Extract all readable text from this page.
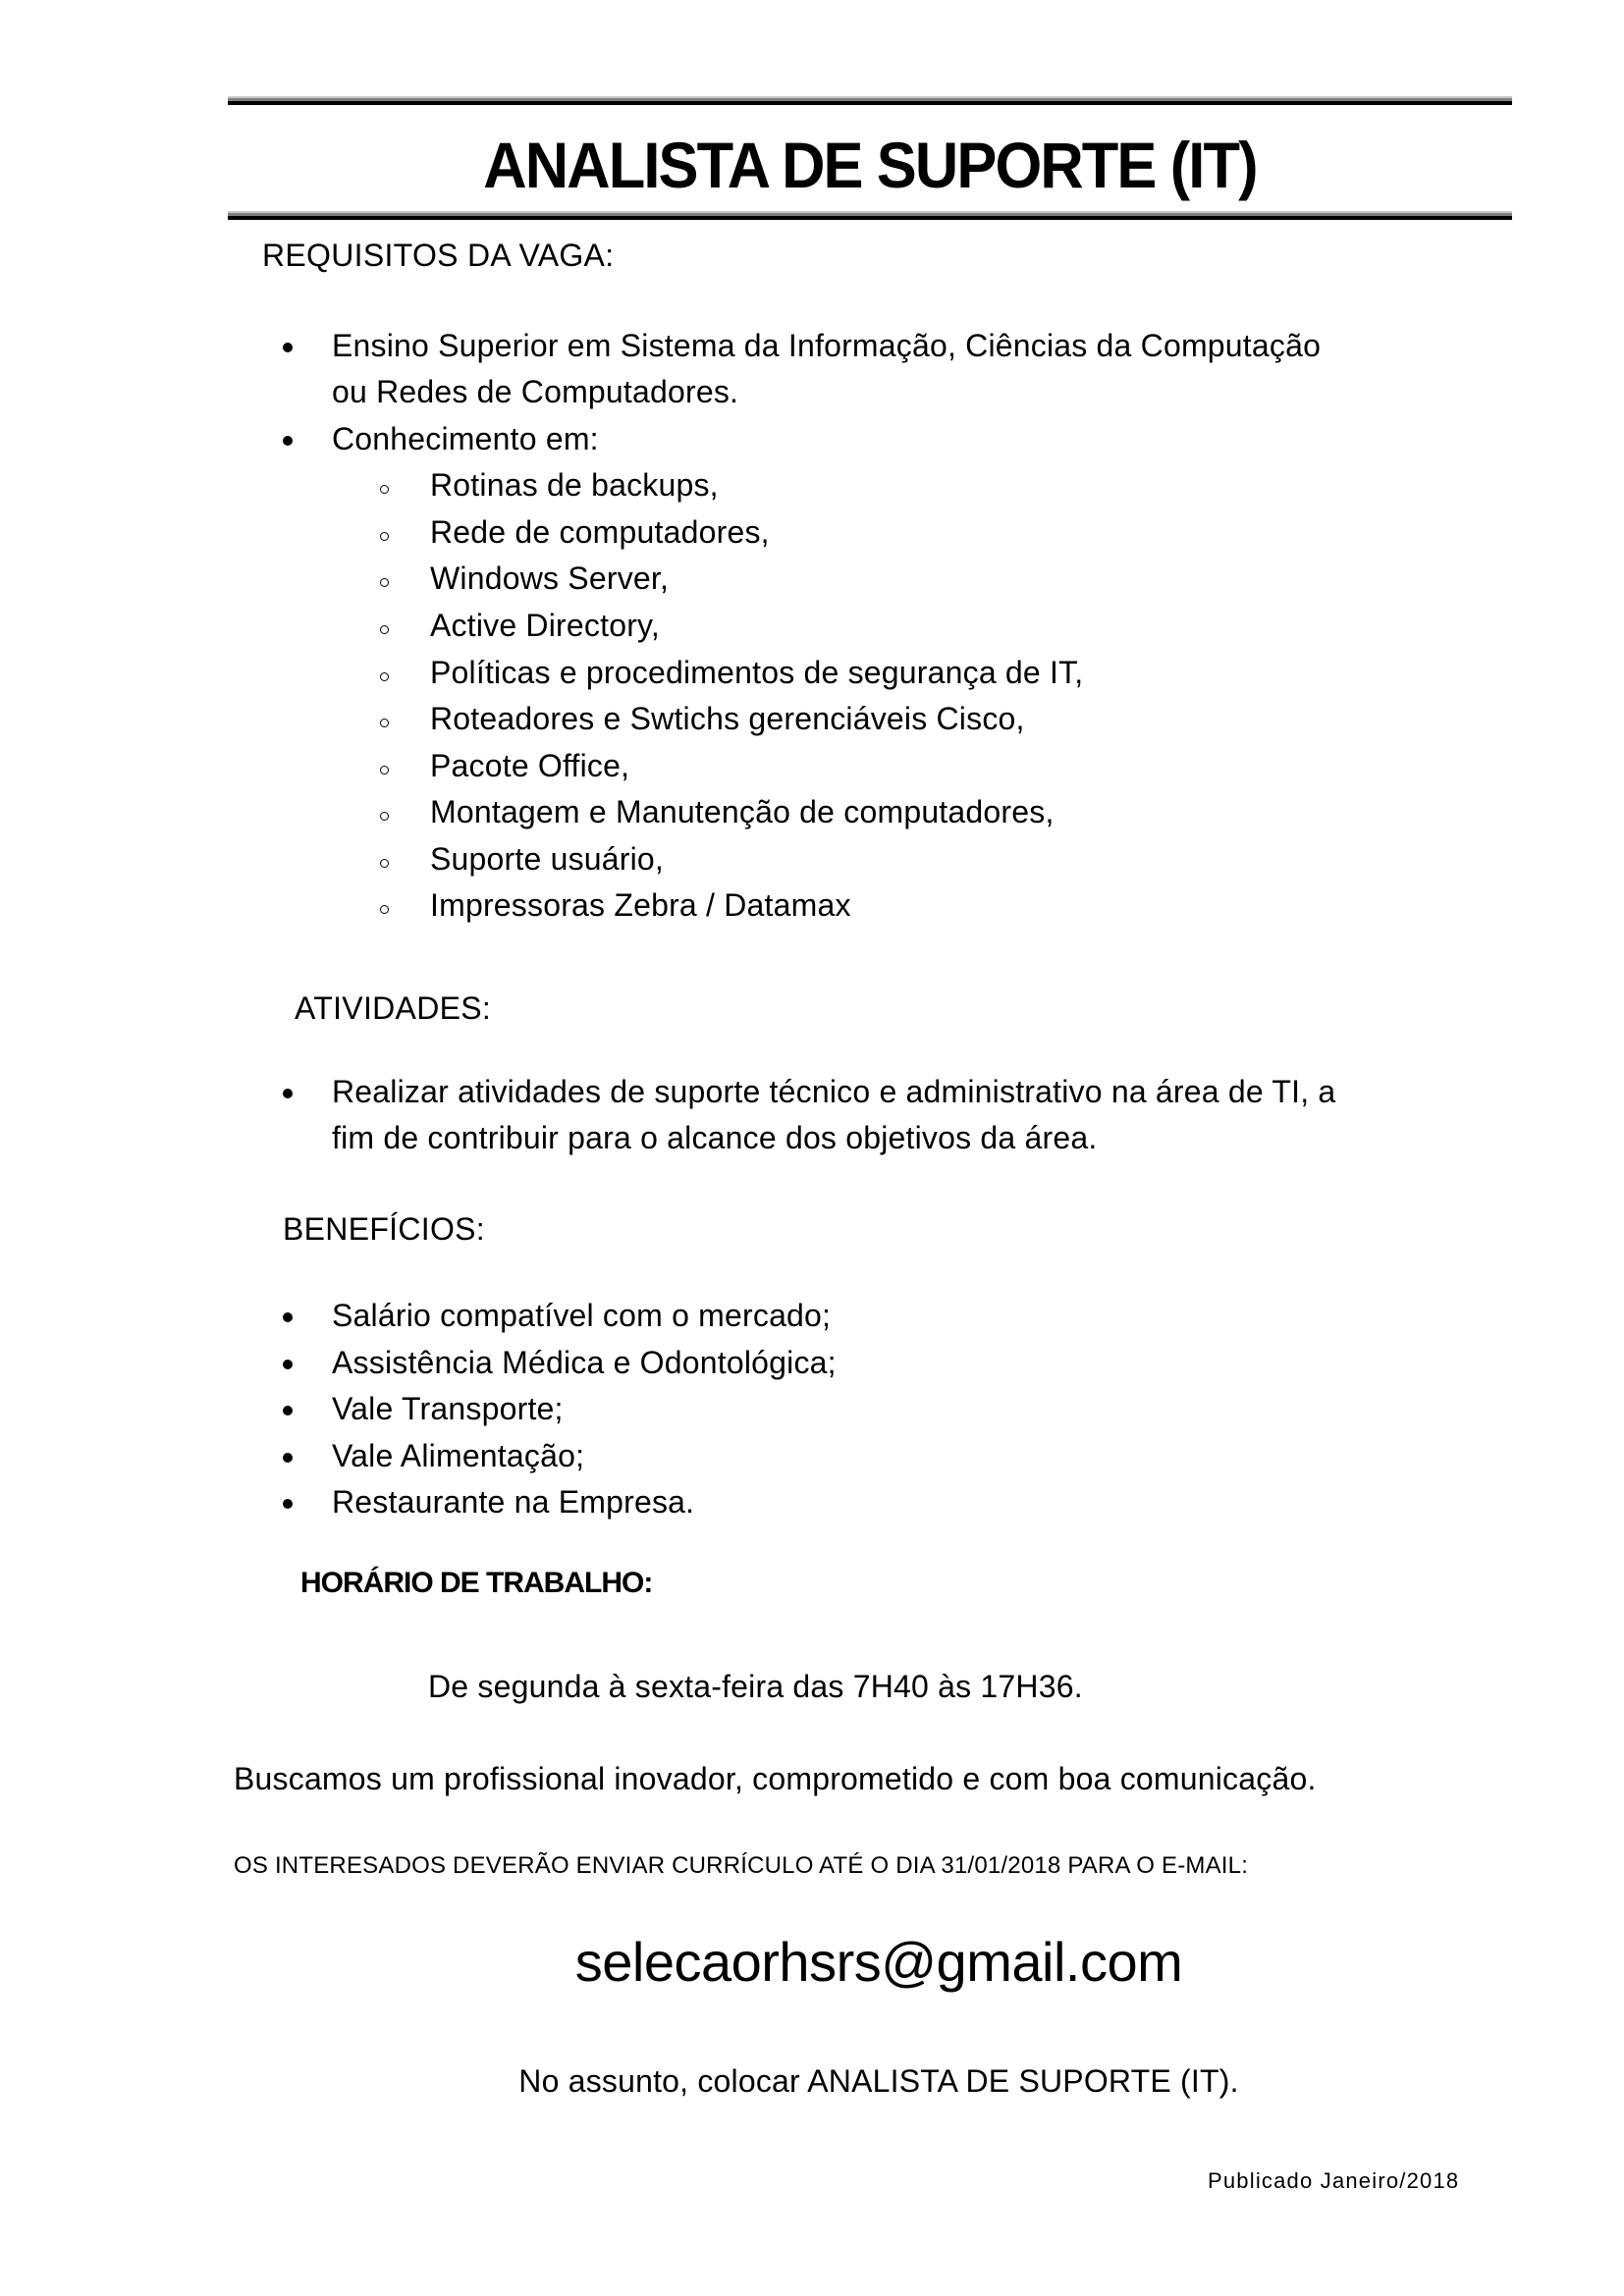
ANALISTA DE SUPORTE (IT)
REQUISITOS DA VAGA:
Ensino Superior em Sistema da Informação, Ciências da Computação
ou Redes de Computadores.
Conhecimento em:
Rotinas de backups,
Rede de computadores,
Windows Server,
Active Directory,
Políticas e procedimentos de segurança de IT,
Roteadores e Swtichs gerenciáveis Cisco,
Pacote Office,
Montagem e Manutenção de computadores,
Suporte usuário,
Impressoras Zebra / Datamax
ATIVIDADES:
Realizar atividades de suporte técnico e administrativo na área de TI, a
fim de contribuir para o alcance dos objetivos da área.
BENEFÍCIOS:
Salário compatível com o mercado;
Assistência Médica e Odontológica;
Vale Transporte;
Vale Alimentação;
Restaurante na Empresa.
HORÁRIO DE TRABALHO:
De segunda à sexta-feira das 7H40 às 17H36.
Buscamos um profissional inovador, comprometido e com boa comunicação.
OS INTERESADOS DEVERÃO ENVIAR CURRÍCULO ATÉ O DIA 31/01/2018 PARA O E-MAIL:
selecaorhsrs@gmail.com
No assunto, colocar ANALISTA DE SUPORTE (IT).
Publicado Janeiro/2018
